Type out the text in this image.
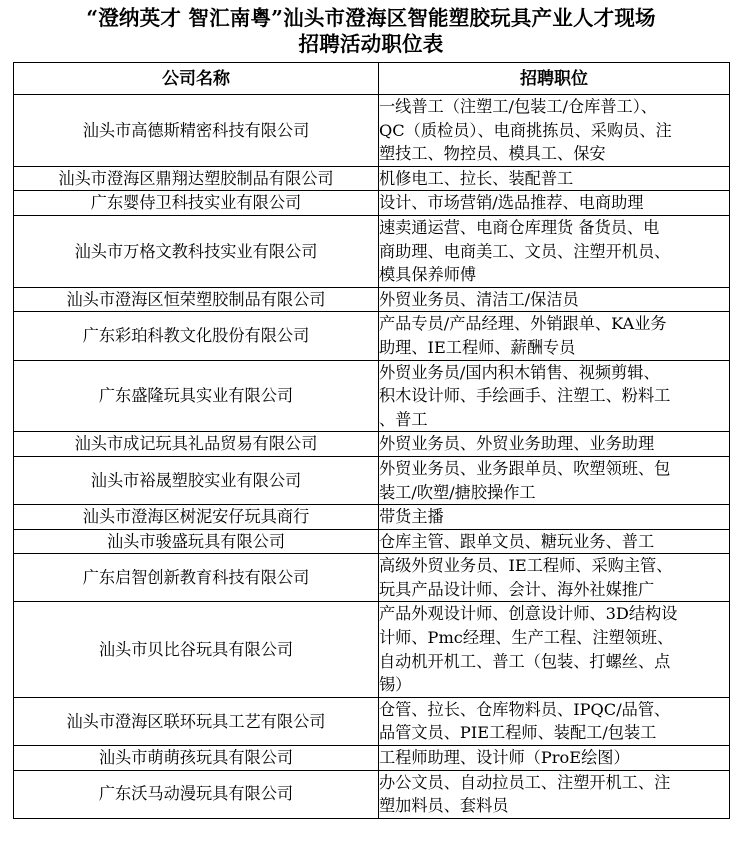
“澄纳英才 智汇南粤”汕头市澄海区智能塑胶玩具产业人才现场
招聘活动职位表
公司名称	招聘职位
汕头市高德斯精密科技有限公司	一线普工（注塑工/包装工/仓库普工）、
QC（质检员）、电商挑拣员、采购员、注
塑技工、物控员、模具工、保安

汕头市澄海区鼎翔达塑胶制品有限公司	机修电工、拉长、装配普工

广东婴侍卫科技实业有限公司	设计、市场营销/选品推荐、电商助理

汕头市万格文教科技实业有限公司	速卖通运营、电商仓库理货 备货员、电
商助理、电商美工、文员、注塑开机员、
模具保养师傅

汕头市澄海区恒荣塑胶制品有限公司	外贸业务员、清洁工/保洁员

广东彩珀科教文化股份有限公司	产品专员/产品经理、外销跟单、KA业务
助理、IE工程师、薪酬专员

广东盛隆玩具实业有限公司	外贸业务员/国内积木销售、视频剪辑、
积木设计师、手绘画手、注塑工、粉料工
、普工

汕头市成记玩具礼品贸易有限公司	外贸业务员、外贸业务助理、业务助理

汕头市裕晟塑胶实业有限公司	外贸业务员、业务跟单员、吹塑领班、包
装工/吹塑/搪胶操作工

汕头市澄海区树泥安仔玩具商行	带货主播

汕头市骏盛玩具有限公司	仓库主管、跟单文员、糖玩业务、普工

广东启智创新教育科技有限公司	高级外贸业务员、IE工程师、采购主管、
玩具产品设计师、会计、海外社媒推广

汕头市贝比谷玩具有限公司	产品外观设计师、创意设计师、3D结构设
计师、Pmc经理、生产工程、注塑领班、
自动机开机工、普工（包装、打螺丝、点
锡）

汕头市澄海区联环玩具工艺有限公司	仓管、拉长、仓库物料员、IPQC/品管、
品管文员、PIE工程师、装配工/包装工

汕头市萌萌孩玩具有限公司	工程师助理、设计师（ProE绘图）

广东沃马动漫玩具有限公司	办公文员、自动拉员工、注塑开机工、注
塑加料员、套料员
